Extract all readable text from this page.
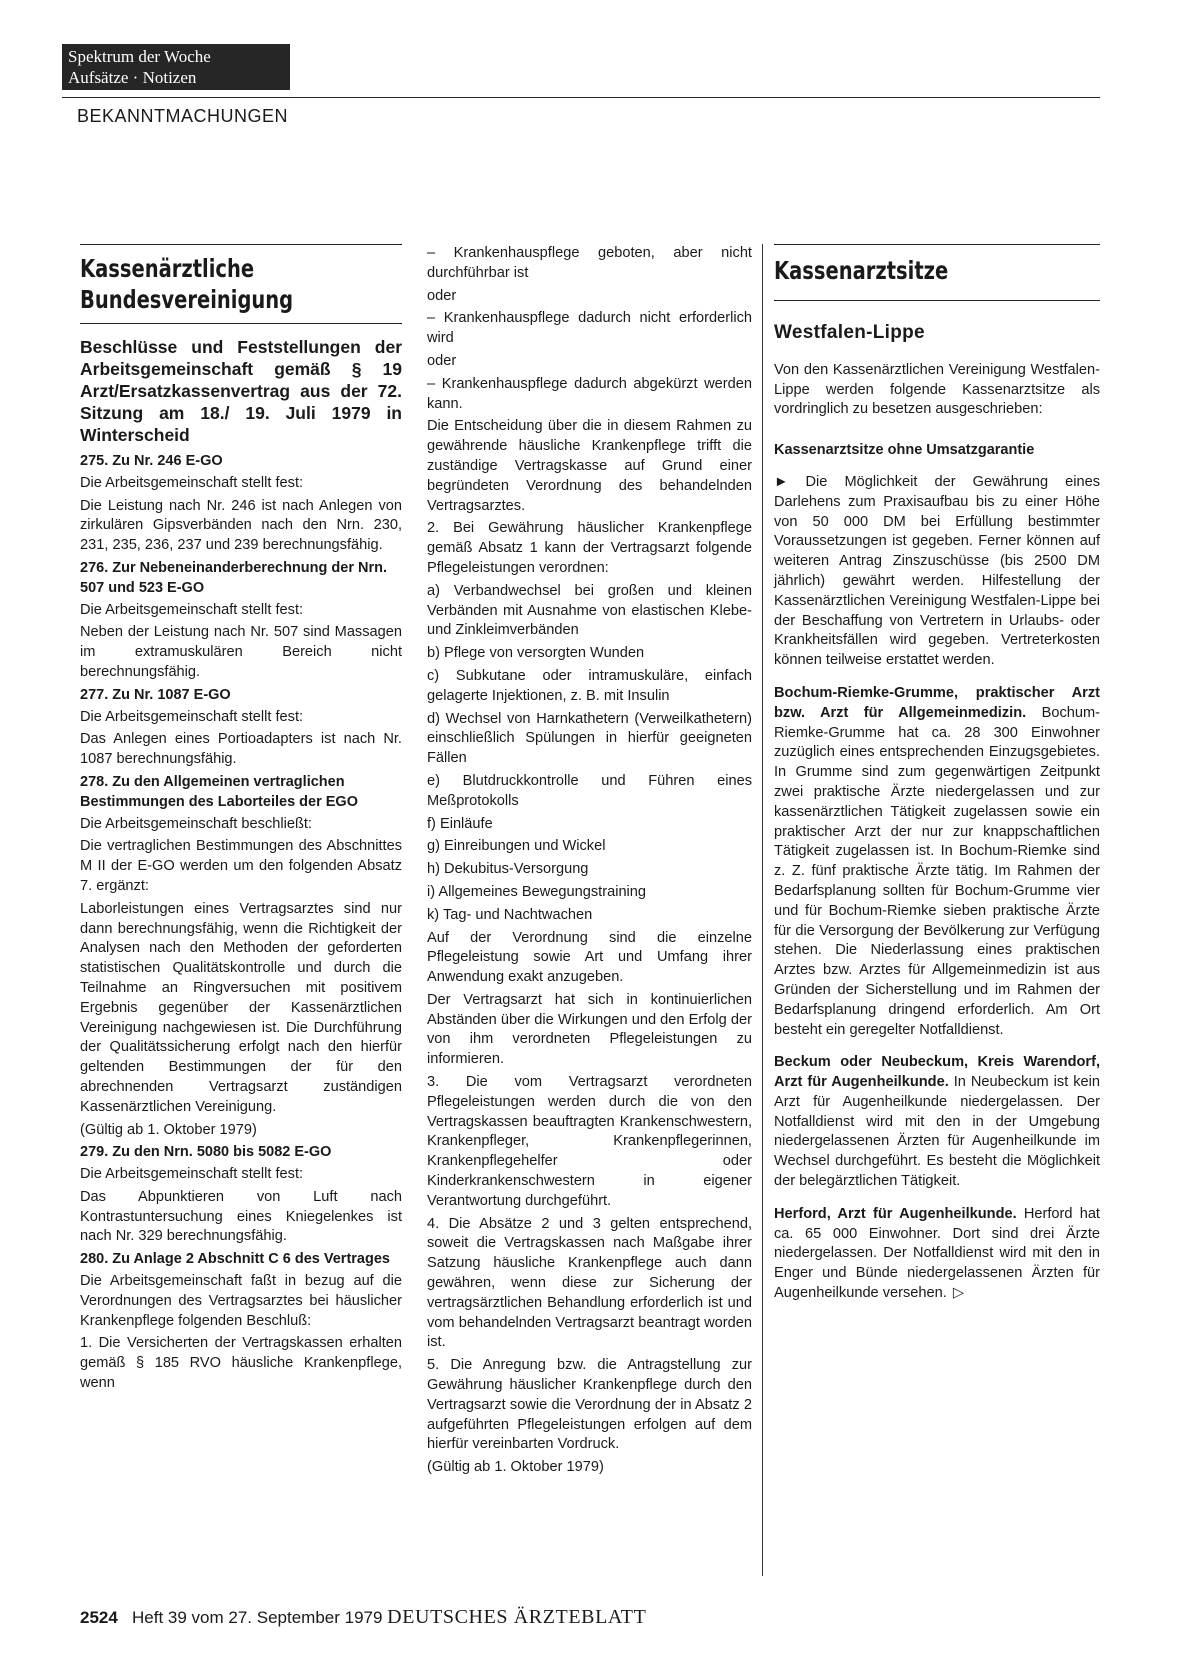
Spektrum der Woche
Aufsätze · Notizen
BEKANNTMACHUNGEN
Kassenärztliche
Bundesvereinigung
Beschlüsse und Feststellungen der Arbeitsgemeinschaft gemäß § 19 Arzt/Ersatzkassenvertrag aus der 72. Sitzung am 18./ 19. Juli 1979 in Winterscheid
275. Zu Nr. 246 E-GO

Die Arbeitsgemeinschaft stellt fest:

Die Leistung nach Nr. 246 ist nach Anlegen von zirkulären Gipsverbänden nach den Nrn. 230, 231, 235, 236, 237 und 239 berechnungsfähig.

276. Zur Nebeneinanderberechnung der Nrn. 507 und 523 E-GO

Die Arbeitsgemeinschaft stellt fest:

Neben der Leistung nach Nr. 507 sind Massagen im extramuskulären Bereich nicht berechnungsfähig.

277. Zu Nr. 1087 E-GO

Die Arbeitsgemeinschaft stellt fest:

Das Anlegen eines Portioadapters ist nach Nr. 1087 berechnungsfähig.

278. Zu den Allgemeinen vertraglichen Bestimmungen des Laborteiles der EGO

Die Arbeitsgemeinschaft beschließt:

Die vertraglichen Bestimmungen des Abschnittes M II der E-GO werden um den folgenden Absatz 7. ergänzt:

Laborleistungen eines Vertragsarztes sind nur dann berechnungsfähig, wenn die Richtigkeit der Analysen nach den Methoden der geforderten statistischen Qualitätskontrolle und durch die Teilnahme an Ringversuchen mit positivem Ergebnis gegenüber der Kassenärztlichen Vereinigung nachgewiesen ist. Die Durchführung der Qualitätssicherung erfolgt nach den hierfür geltenden Bestimmungen der für den abrechnenden Vertragsarzt zuständigen Kassenärztlichen Vereinigung.

(Gültig ab 1. Oktober 1979)

279. Zu den Nrn. 5080 bis 5082 E-GO

Die Arbeitsgemeinschaft stellt fest:

Das Abpunktieren von Luft nach Kontrastuntersuchung eines Kniegelenkes ist nach Nr. 329 berechnungsfähig.

280. Zu Anlage 2 Abschnitt C 6 des Vertrages

Die Arbeitsgemeinschaft faßt in bezug auf die Verordnungen des Vertragsarztes bei häuslicher Krankenpflege folgenden Beschluß:

1. Die Versicherten der Vertragskassen erhalten gemäß § 185 RVO häusliche Krankenpflege, wenn

– Krankenhauspflege geboten, aber nicht durchführbar ist

oder

– Krankenhauspflege dadurch nicht erforderlich wird

oder

– Krankenhauspflege dadurch abgekürzt werden kann.

Die Entscheidung über die in diesem Rahmen zu gewährende häusliche Krankenpflege trifft die zuständige Vertragskasse auf Grund einer begründeten Verordnung des behandelnden Vertragsarztes.

2. Bei Gewährung häuslicher Krankenpflege gemäß Absatz 1 kann der Vertragsarzt folgende Pflegeleistungen verordnen:

a) Verbandwechsel bei großen und kleinen Verbänden mit Ausnahme von elastischen Klebe- und Zinkleimverbänden

b) Pflege von versorgten Wunden

c) Subkutane oder intramuskuläre, einfach gelagerte Injektionen, z. B. mit Insulin

d) Wechsel von Harnkathetern (Verweilkathetern) einschließlich Spülungen in hierfür geeigneten Fällen

e) Blutdruckkontrolle und Führen eines Meßprotokolls

f) Einläufe

g) Einreibungen und Wickel

h) Dekubitus-Versorgung

i) Allgemeines Bewegungstraining

k) Tag- und Nachtwachen

Auf der Verordnung sind die einzelne Pflegeleistung sowie Art und Umfang ihrer Anwendung exakt anzugeben.

Der Vertragsarzt hat sich in kontinuierlichen Abständen über die Wirkungen und den Erfolg der von ihm verordneten Pflegeleistungen zu informieren.

3. Die vom Vertragsarzt verordneten Pflegeleistungen werden durch die von den Vertragskassen beauftragten Krankenschwestern, Krankenpfleger, Krankenpflegerinnen, Krankenpflegehelfer oder Kinderkrankenschwestern in eigener Verantwortung durchgeführt.

4. Die Absätze 2 und 3 gelten entsprechend, soweit die Vertragskassen nach Maßgabe ihrer Satzung häusliche Krankenpflege auch dann gewähren, wenn diese zur Sicherung der vertragsärztlichen Behandlung erforderlich ist und vom behandelnden Vertragsarzt beantragt worden ist.

5. Die Anregung bzw. die Antragstellung zur Gewährung häuslicher Krankenpflege durch den Vertragsarzt sowie die Verordnung der in Absatz 2 aufgeführten Pflegeleistungen erfolgen auf dem hierfür vereinbarten Vordruck.

(Gültig ab 1. Oktober 1979)

Kassenarztsitze
Westfalen-Lippe

Von den Kassenärztlichen Vereinigung Westfalen-Lippe werden folgende Kassenarztsitze als vordringlich zu besetzen ausgeschrieben:

Kassenarztsitze ohne Umsatzgarantie

► Die Möglichkeit der Gewährung eines Darlehens zum Praxisaufbau bis zu einer Höhe von 50 000 DM bei Erfüllung bestimmter Voraussetzungen ist gegeben. Ferner können auf weiteren Antrag Zinszuschüsse (bis 2500 DM jährlich) gewährt werden. Hilfestellung der Kassenärztlichen Vereinigung Westfalen-Lippe bei der Beschaffung von Vertretern in Urlaubs- oder Krankheitsfällen wird gegeben. Vertreterkosten können teilweise erstattet werden.

Bochum-Riemke-Grumme, praktischer Arzt bzw. Arzt für Allgemeinmedizin. Bochum-Riemke-Grumme hat ca. 28 300 Einwohner zuzüglich eines entsprechenden Einzugsgebietes. In Grumme sind zum gegenwärtigen Zeitpunkt zwei praktische Ärzte niedergelassen und zur kassenärztlichen Tätigkeit zugelassen sowie ein praktischer Arzt der nur zur knappschaftlichen Tätigkeit zugelassen ist. In Bochum-Riemke sind z. Z. fünf praktische Ärzte tätig. Im Rahmen der Bedarfsplanung sollten für Bochum-Grumme vier und für Bochum-Riemke sieben praktische Ärzte für die Versorgung der Bevölkerung zur Verfügung stehen. Die Niederlassung eines praktischen Arztes bzw. Arztes für Allgemeinmedizin ist aus Gründen der Sicherstellung und im Rahmen der Bedarfsplanung dringend erforderlich. Am Ort besteht ein geregelter Notfalldienst.

Beckum oder Neubeckum, Kreis Warendorf, Arzt für Augenheilkunde. In Neubeckum ist kein Arzt für Augenheilkunde niedergelassen. Der Notfalldienst wird mit den in der Umgebung niedergelassenen Ärzten für Augenheilkunde im Wechsel durchgeführt. Es besteht die Möglichkeit der belegärztlichen Tätigkeit.

Herford, Arzt für Augenheilkunde. Herford hat ca. 65 000 Einwohner. Dort sind drei Ärzte niedergelassen. Der Notfalldienst wird mit den in Enger und Bünde niedergelassenen Ärzten für Augenheilkunde versehen. ▷

2524 Heft 39 vom 27. September 1979 DEUTSCHES ÄRZTEBLATT
